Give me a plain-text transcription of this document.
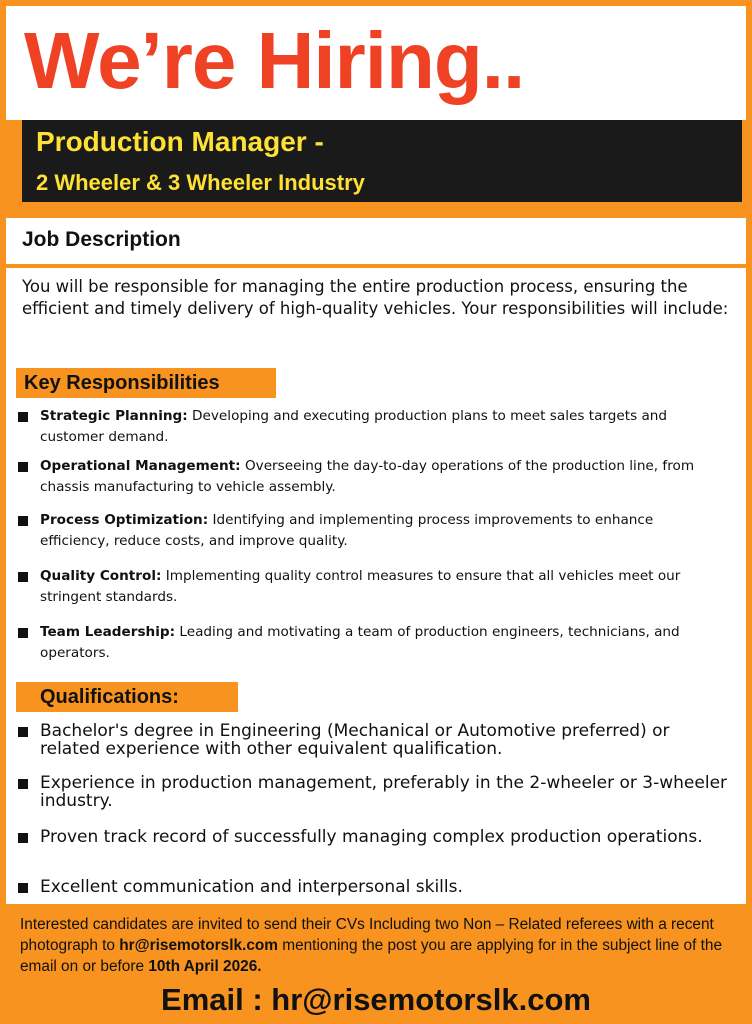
We’re Hiring..
Production Manager -
2 Wheeler & 3 Wheeler Industry
Job Description
You will be responsible for managing the entire production process, ensuring the efficient and timely delivery of high-quality vehicles. Your responsibilities will include:
Key Responsibilities
Strategic Planning: Developing and executing production plans to meet sales targets and customer demand.
Operational Management: Overseeing the day-to-day operations of the production line, from chassis manufacturing to vehicle assembly.
Process Optimization: Identifying and implementing process improvements to enhance efficiency, reduce costs, and improve quality.
Quality Control: Implementing quality control measures to ensure that all vehicles meet our stringent standards.
Team Leadership: Leading and motivating a team of production engineers, technicians, and operators.
Qualifications:
Bachelor's degree in Engineering (Mechanical or Automotive preferred) or related experience with other equivalent qualification.
Experience in production management, preferably in the 2-wheeler or 3-wheeler industry.
Proven track record of successfully managing complex production operations.
Excellent communication and interpersonal skills.
Interested candidates are invited to send their CVs Including two Non – Related referees with a recent photograph to hr@risemotorslk.com mentioning the post you are applying for in the subject line of the email on or before 10th April 2026.
Email : hr@risemotorslk.com
